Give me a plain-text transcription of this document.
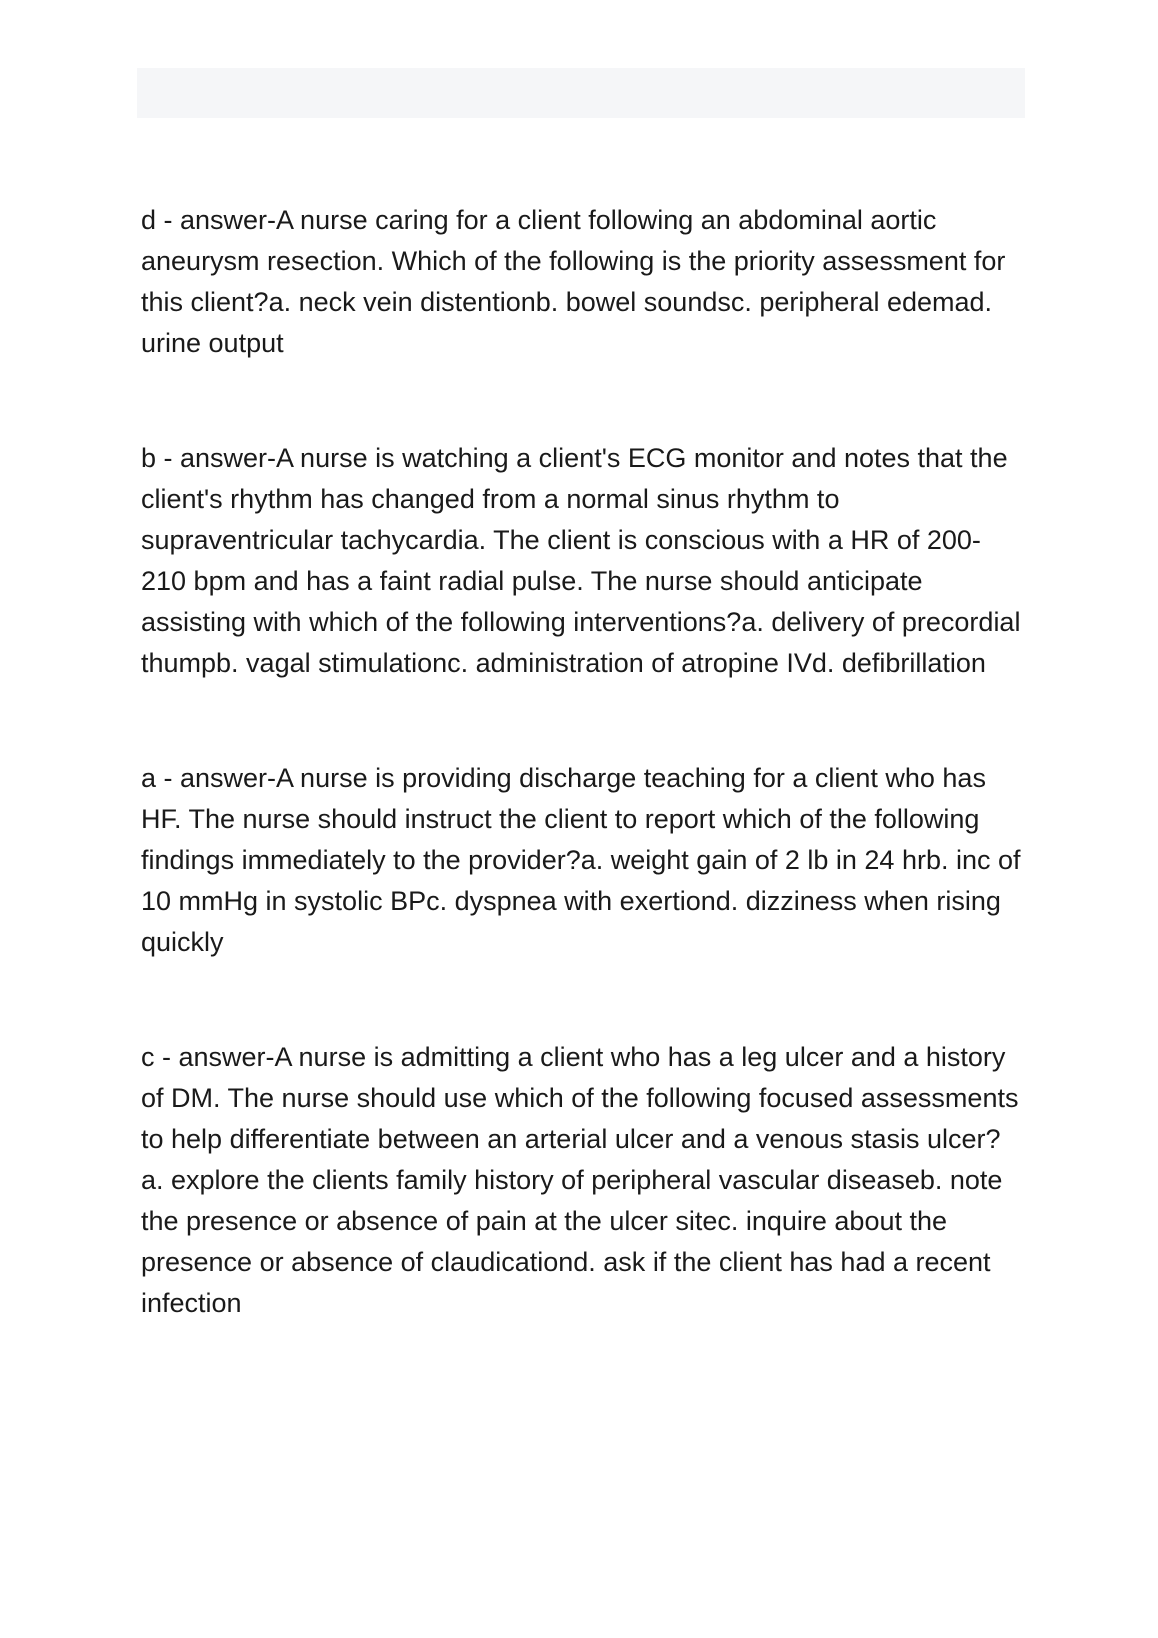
d - answer-A nurse caring for a client following an abdominal aortic aneurysm resection. Which of the following is the priority assessment for this client?a. neck vein distentionb. bowel soundsc. peripheral edemad. urine output

b - answer-A nurse is watching a client's ECG monitor and notes that the client's rhythm has changed from a normal sinus rhythm to supraventricular tachycardia. The client is conscious with a HR of 200-210 bpm and has a faint radial pulse. The nurse should anticipate assisting with which of the following interventions?a. delivery of precordial thumpb. vagal stimulationc. administration of atropine IVd. defibrillation

a - answer-A nurse is providing discharge teaching for a client who has HF. The nurse should instruct the client to report which of the following findings immediately to the provider?a. weight gain of 2 lb in 24 hrb. inc of 10 mmHg in systolic BPc. dyspnea with exertiond. dizziness when rising quickly

c - answer-A nurse is admitting a client who has a leg ulcer and a history of DM. The nurse should use which of the following focused assessments to help differentiate between an arterial ulcer and a venous stasis ulcer?a. explore the clients family history of peripheral vascular diseaseb. note the presence or absence of pain at the ulcer sitec. inquire about the presence or absence of claudicationd. ask if the client has had a recent infection
